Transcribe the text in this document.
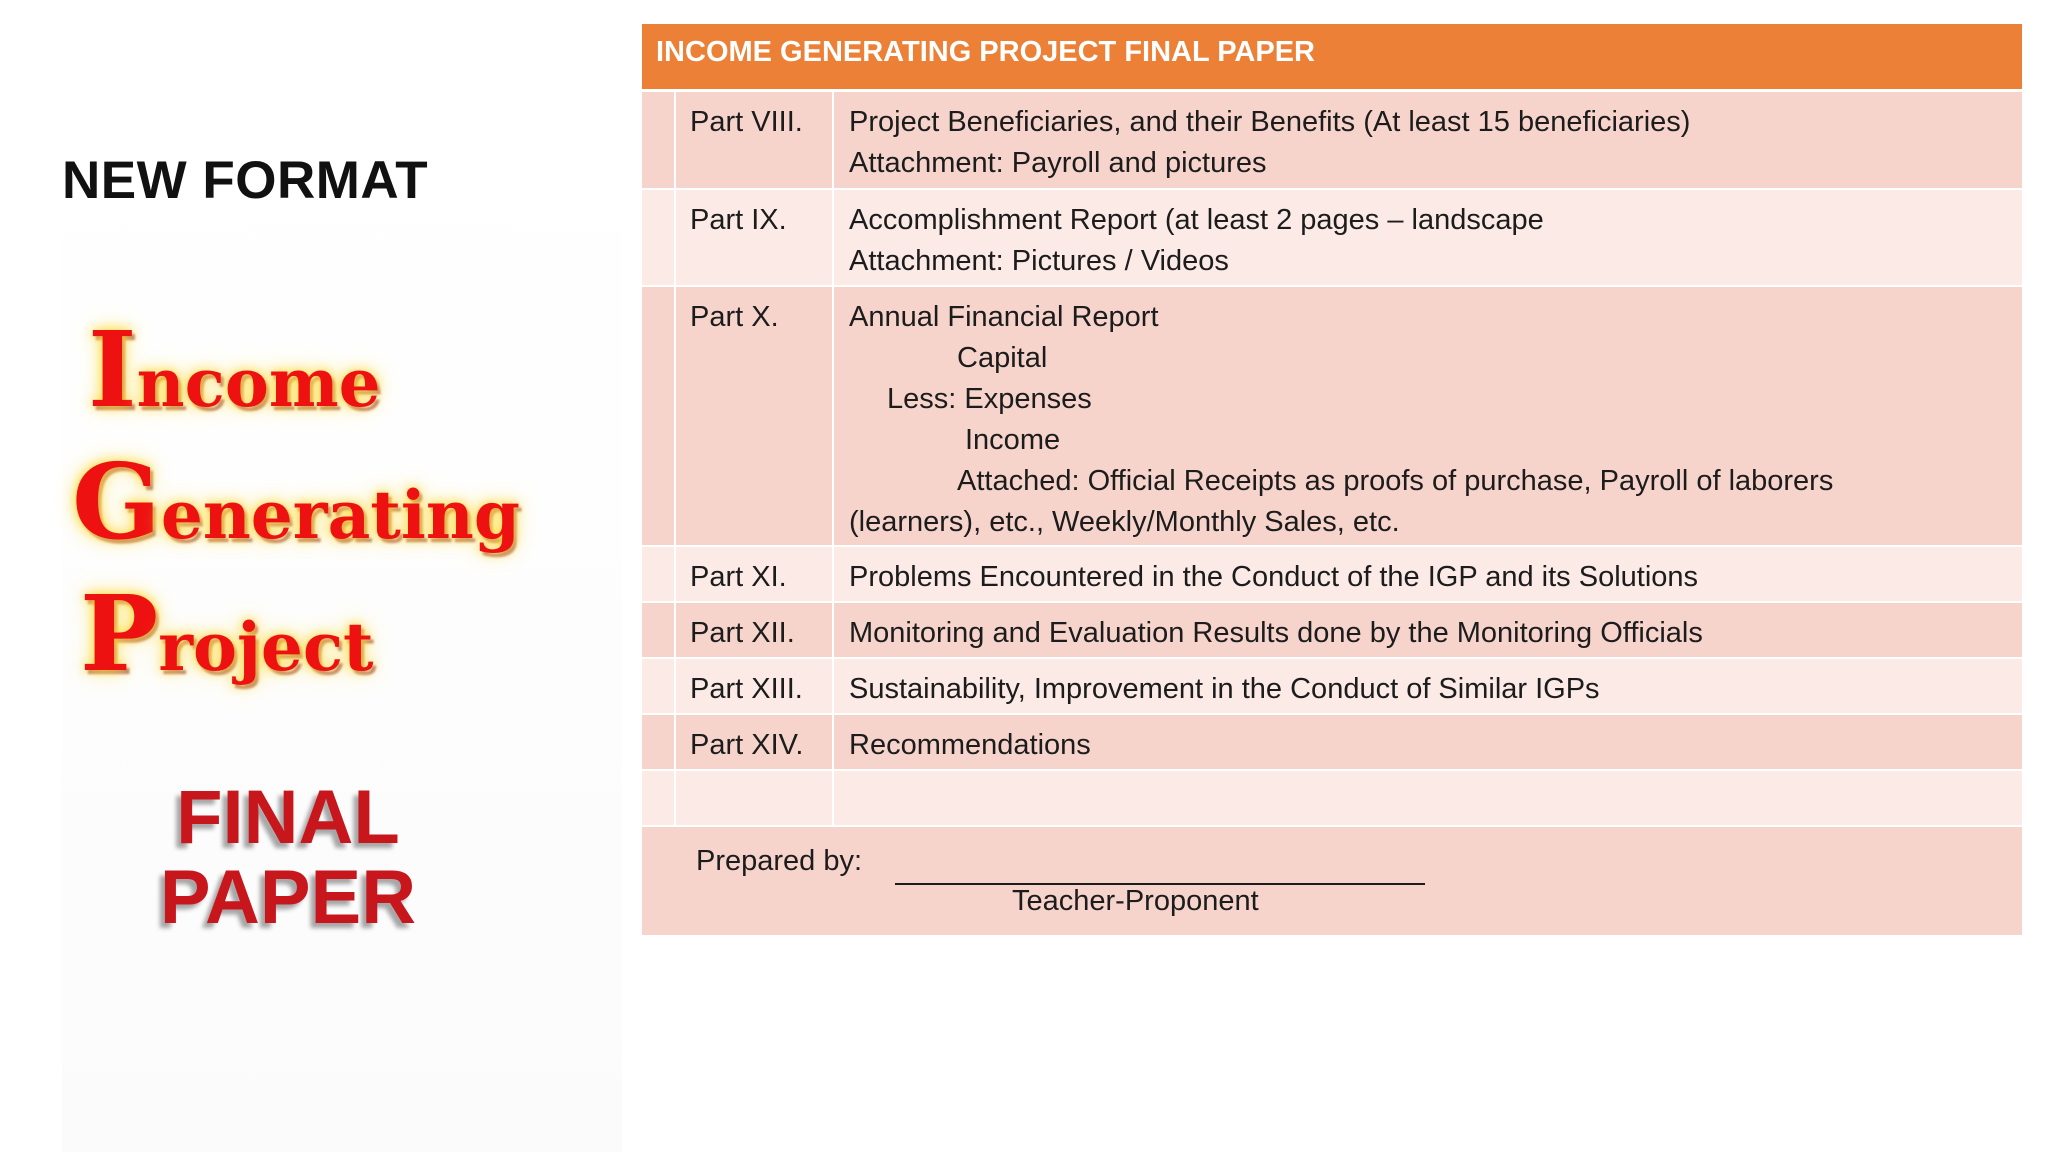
NEW FORMAT
Income
Generating
Project
FINAL
PAPER
INCOME GENERATING PROJECT FINAL PAPER
Part VIII.	Project Beneficiaries, and their Benefits (At least 15 beneficiaries)
Attachment: Payroll and pictures
Part IX.	Accomplishment Report (at least 2 pages – landscape
Attachment: Pictures / Videos
Part X.	Annual Financial Report
Capital
Less: Expenses
Income
Attached: Official Receipts as proofs of purchase, Payroll of laborers
(learners), etc., Weekly/Monthly Sales, etc.
Part XI.	Problems Encountered in the Conduct of the IGP and its Solutions
Part XII.	Monitoring and Evaluation Results done by the Monitoring Officials
Part XIII.	Sustainability, Improvement in the Conduct of Similar IGPs
Part XIV.	Recommendations
Prepared by:
Teacher-Proponent
